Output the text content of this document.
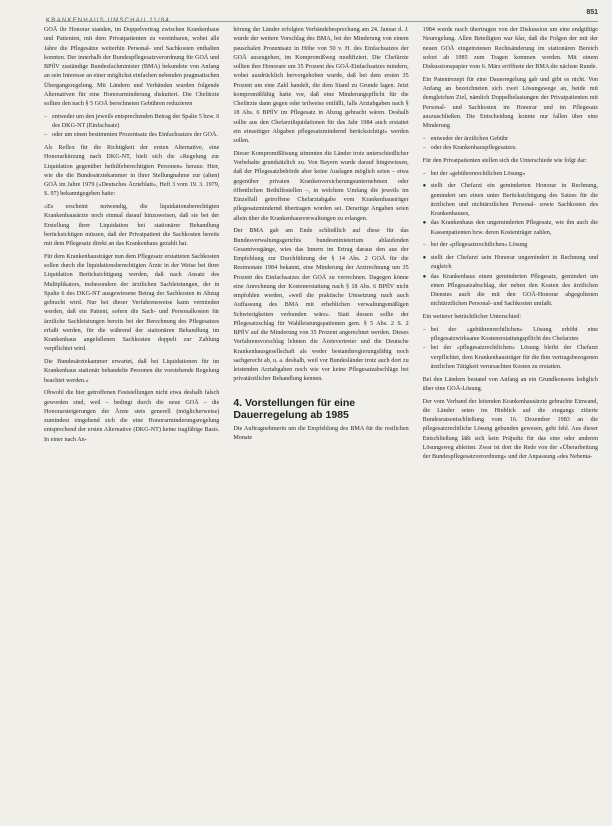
KRANKENHAUS UMSCHAU 11/84
851

GOÄ ihr Honorar standen, im Doppelvertrag zwischen Krankenhaus und Patienten, mit dem Privatpatienten zu vereinbaren, wobei alle Jahre die Pflegesätze weiterhin Personal- und Sachkosten enthalten konnten. Der innerhalb der Bundespflegesatzverordnung für GOÄ und BPflV zuständige Bundesfachminister (BMA) bekundete von Anfang an sein Interesse an einer möglichst einfachen nebenden pragmatischen Übergangsregelung. Mit Ländern und Verbänden wurden folgende Alternativen für eine Honorarminderung diskutiert. Die Chefärzte sollten den nach § 5 GOÄ berechneten Gebühren reduzieren

– entweder um den jeweils entsprechenden Betrag der Spalte 5 bzw. 6 des DKG-NT (Einfachsatz)
– oder um einen bestimmten Prozentsatz des Einfachsatzes der GOÄ.

Als Reflex für die Richtigkeit der ersten Alternative, eine Honorarkürzung nach DKG-NT, hielt sich die «Regelung zur Liquidation gegenüber beihilfeberechtigten Personen» heraus: Hier, wie die die Bundesärztekammer in ihrer Stellungnahme zur (alten) GOÄ im Jahre 1979 («Deutsches Ärzteblatt», Heft 3 vom 19. 3. 1979, S. 97) bekanntgegeben hatte:

«Es erscheint notwendig, die liquidationsberechtigten Krankenhausärzte noch einmal darauf hinzuweisen, daß sie bei der Erstellung ihrer Liquidation bei stationärer Behandlung berücksichtigen müssen, daß der Privatpatient die Sachkosten bereits mit dem Pflegesatz direkt an das Krankenhaus gezahlt hat.

Für dem Krankenhausträger nun dem Pflegesatz erstatteten Sachkosten sollen durch die liquidationsberechtigten Ärzte in der Weise bei ihrer Liquidation Berücksichtigung werden, daß nach Ansatz des Multiplikators, insbesondere der ärztlichen Sachleistungen, der in Spalte 6 des DKG-NT ausgewiesene Betrag der Sachkosten in Abzug gebracht wird. Nur bei dieser Verfahrensweise kann vermieden werden, daß ein Patient, sofern die Sach- und Personalkosten für ärztliche Sachleistungen bereits bei der Berechnung des Pflegesatzes erfaßt werden, für die während der stationären Behandlung im Krankenhaus angefallenen Sachkosten doppelt zur Zahlung verpflichtet wird.

Die Bundesärztekammer erwartet, daß bei Liquidationen für im Krankenhaus stationär behandelte Personen die vorstehende Regelung beachtet werden.»

Obwohl die hier getroffenen Feststellungen nicht etwa deshalb falsch geworden sind, weil – bedingt durch die neue GOÄ – die Honorarsteigerungen der Ärzte stets generell (möglicherweise) zumindest eingehend sich die eine Honorarminderungsregelung entsprechend der ersten Alternative (DKG-NT) keine tragfähige Basis. In einer nach An-

hörung der Länder erfolgten Verbändebesprechung am 24. Januar d. J. wurde der weitere Vorschlag des BMA, bei der Minderung von einem pauschalen Prozentsatz in Höhe von 50 v. H. des Einfachsatzes der GOÄ auszugehen, im Kompromißweg modifiziert. Die Chefärzte sollten ihre Honorare um 35 Prozent des GOÄ-Einfachsatzes mindern, wobei ausdrücklich hervorgehoben wurde, daß bei dem ersten 35 Prozent um eine Zahl handelt, die dem Stand zu Grunde lagen. Jetzt kompromißfähig hatte vor, daß eine Minderungspflicht für die Chefärzte dann gegen oder teilweise entfällt, falls Arztabgaben nach § 18 Abs. 6 BPflV im Pflegesatz in Abzug gebracht wären. Deshalb sollte aus den Chefarztliquidationen für das Jahr 1984 auch erstattet ein einseitiger Abgaben pflegesatzmindernd berücksichtigt» werden sollen.

Dieser Kompromißlösung stimmten die Länder trotz unterschiedlicher Vorbehalte grundsätzlich zu. Von Bayern wurde darauf hingewiesen, daß der Pflegesatzbehörde aber keine Auslagen möglich seien – etwa gegenüber privaten Krankenversicherungsunternehmen oder öffentlichen Beihilfestellen –, in welchem Umfang die jeweils im Einzelfall getroffene Chefarztabgabe vom Krankenhausträger pflegesatzmindernd übertragen worden sei. Derartige Angaben seien allein über die Krankenhausverwaltungen zu erlangen.

Der BMA gab am Ende schließlich auf diese für das Bundesverwaltungsgerichts bundesministerium ablaufenden Gesamtvorgänge, wies das Innern im Ertrag daraus den aus der Empfehlung zur Durchführung der § 14 Abs. 2 GOÄ für die Restmonate 1984 bekannt, eine Minderung der Arztrechnung um 35 Prozent des Einfachsatzes der GOÄ zu verrechnen. Dagegen könne eine Anrechnung der Kostenerstattung nach § 18 Abs. 6 BPflV nicht empfohlen werden, «weil die praktische Umsetzung nach auch Auffassung des BMA mit erheblichen verwaltungsmäßigen Schwierigkeiten verbunden wäre». Statt dessen sollte der Pflegesatzschlag für Wahlleistungspatienten gem. § 5 Abs. 2 S. 2 BPflV auf die Minderung von 35 Prozent angerechnet werden. Dieses Verfahrensvorschlag lehnten die Ärztevertreter und die Deutsche Krankenhausgesellschaft als weder bestandsregierungsfähig noch sachgerecht ab, u. a. deshalb, weil vor Bundesländer trotz auch dort zu leistenden Arztabgaben noch wie vor keine Pflegesatzabschläge bei privatärztlicher Behandlung kennen.

4. Vorstellungen für eine Dauerregelung ab 1985

Die Auftragnehmerin um die Empfehlung des BMA für die restlichen Monate

1984 wurde rasch übertragen von der Diskussion um eine endgültige Neuregelung. Allen Beteiligten war klar, daß die Folgen der mit der neuen GOÄ eingetretenen Rechtsänderung im stationären Bereich sofort ab 1985 zum Tragen kommen werden. Mit einem Diskussionspapier vom 6. März eröffnete der BMA die nächste Runde.

Ein Patentrezept für eine Dauerregelung gab und gibt es nicht. Von Anfang an bezeichneten sich zwei Lösungswege an, beide mit demgleichen Ziel, nämlich Doppelbelastungen der Privatpatienten mit Personal- und Sachkosten im Honorar und im Pflegesatz auszuschließen. Die Entscheidung konnte nur fallen über eine Minderung

– entweder der ärztlichen Gebühr
– oder des Krankenhauspflegesatzes.

Für den Privatpatienten stellen sich die Unterschiede wie folgt dar:

– bei der «gebührenrechtlichen Lösung»
● stellt der Chefarzt ein geminderten Honorar in Rechnung, gemindert um einen unter Berücksichtigung des Satzes für die ärztlichen und nichtärztlichen Personal- sowie Sachkosten des Krankenhauses,
● das Krankenhaus den ungeminderten Pflegesatz, wie ihn auch die Kassenpatienten bzw. deren Kostenträger zahlen,
– bei der «pflegesatzrechtlichen» Lösung
● stellt der Chefarzt sein Honorar ungemindert in Rechnung und zugleich
● das Krankenhaus einen geminderten Pflegesatz, gemindert um einen Pflegesatzabschlag, der neben den Kosten des ärztlichen Dienstes auch die mit den GOÄ-Honorar abgegoltenen nichtärztlichen Personal- und Sachkosten umfaßt.

Ein weiterer beträchtlicher Unterschied:

– bei der «gebührenrechtlichen» Lösung erhöht eine pflegesatzwirksame Kostenerstattungspflicht des Chefarztes
– bei der «pflegesatzrechtlichen» Lösung bleibt der Chefarzt verpflichtet, dem Krankenhausträger für die ihm vertragsbezogenen ärztlichen Tätigkeit verursachten Kosten zu erstatten.

Bei den Ländern bestand von Anfang an ein Grundkonsens lediglich über eine GOÄ-Lösung.

Der vom Verband der leitenden Krankenhausärzte gebrachte Einwand, die Länder seien im Hinblick auf die eingangs zitierte Bundesratsentschließung vom 16. Dezember 1983 an die pflegesatzrechtliche Lösung gebunden gewesen, geht fehl. Aus dieser Entschließung läßt sich kein Präjudiz für das eine oder anderen Lösungsweg ableiten. Zwar ist dort die Rede von der «Überarbeitung der Bundespflegesatzverordnung» und der Anpassung «des Nebenta-
